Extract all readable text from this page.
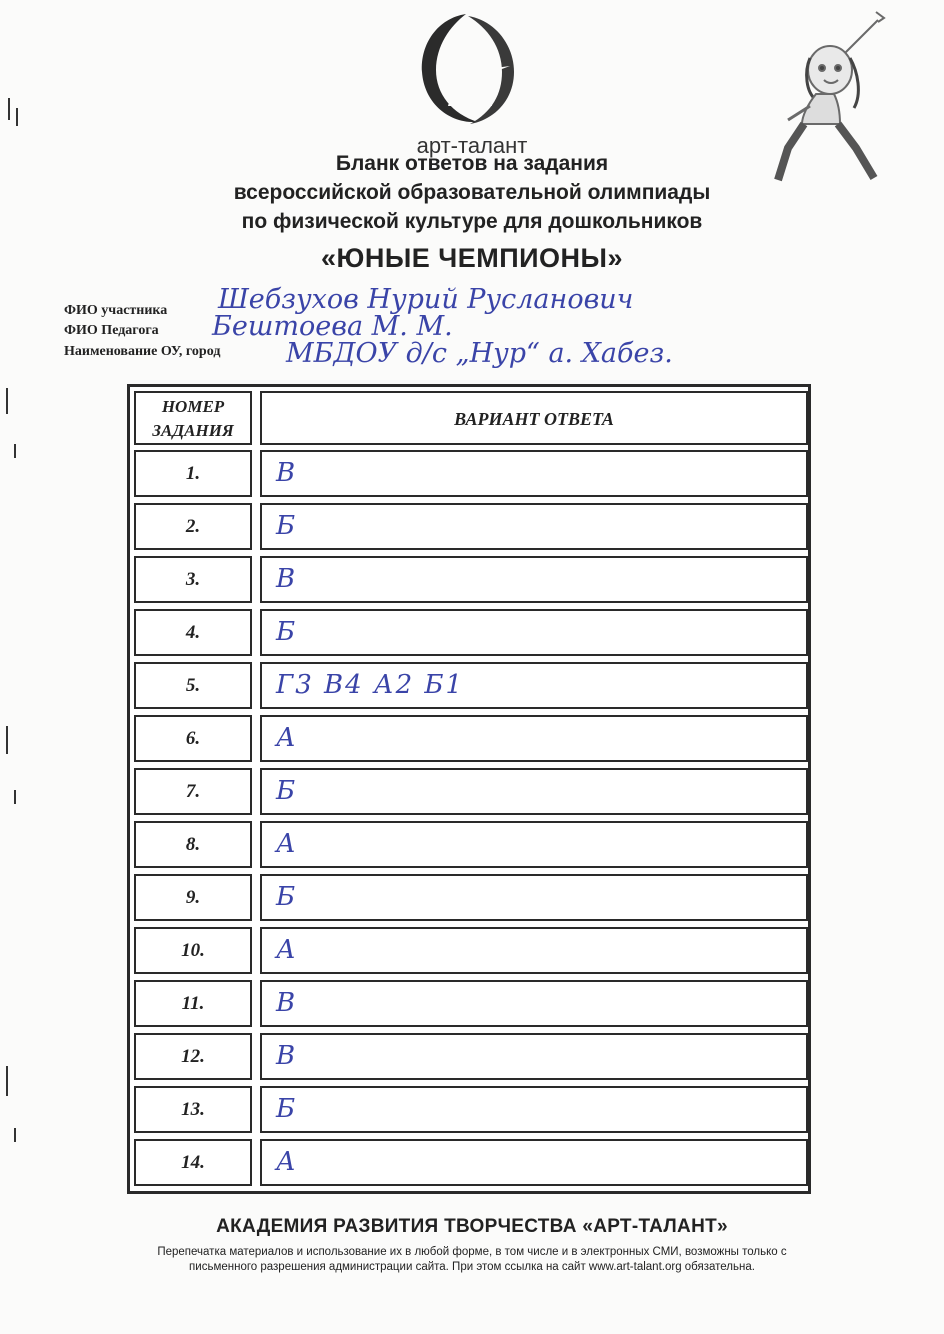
арт-талант
Бланк ответов на задания
всероссийской образовательной олимпиады
по физической культуре для дошкольников
«ЮНЫЕ ЧЕМПИОНЫ»
ФИО участника Шебзухов Нурий Русланович
ФИО Педагога Бештоева М. М.
Наименование ОУ, город МБДОУ д/с „Нур“ а. Хабез.
НОМЕР
ЗАДАНИЯ
ВАРИАНТ ОТВЕТА
1.	В
2.	Б
3.	В
4.	Б
5.	Г3 В4 А2 Б1
6.	А
7.	Б
8.	А
9.	Б
10.	А
11.	В
12.	В
13.	Б
14.	А
АКАДЕМИЯ РАЗВИТИЯ ТВОРЧЕСТВА «АРТ-ТАЛАНТ»
Перепечатка материалов и использование их в любой форме, в том числе и в электронных СМИ, возможны только с
письменного разрешения администрации сайта. При этом ссылка на сайт www.art-talant.org обязательна.
